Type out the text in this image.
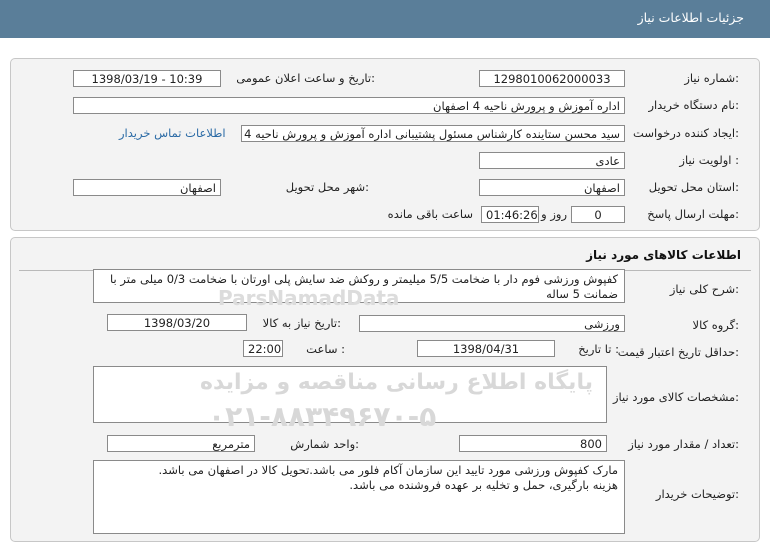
جزئیات اطلاعات نیاز
شماره نیاز:
1298010062000033
تاریخ و ساعت اعلان عمومی:
1398/03/19 - 10:39
نام دستگاه خریدار:
اداره آموزش و پرورش ناحیه 4 اصفهان
ایجاد کننده درخواست:
سید محسن ستاینده کارشناس مسئول پشتیبانی اداره آموزش و پرورش ناحیه 4
اطلاعات تماس خریدار
اولویت نیاز :
عادی
استان محل تحویل:
اصفهان
شهر محل تحویل:
اصفهان
مهلت ارسال پاسخ:
0
روز و
01:46:26
ساعت باقی مانده
اطلاعات کالاهای مورد نیاز
شرح کلی نیاز:
کفپوش ورزشی فوم دار با ضخامت 5/5 میلیمتر و روکش ضد سایش پلی اورتان با ضخامت 0/3 میلی متر با ضمانت 5 ساله
گروه کالا:
ورزشی
تاریخ نیاز به کالا:
1398/03/20
حداقل تاریخ اعتبار قیمت:
تا تاریخ :
1398/04/31
ساعت :
22:00
مشخصات کالای مورد نیاز:
تعداد / مقدار مورد نیاز:
800
واحد شمارش:
مترمربع
توضیحات خریدار:
مارک کفپوش ورزشی مورد تایید این سازمان آکام فلور می باشد.تحویل کالا در اصفهان می باشد.
هزینه بارگیری، حمل و تخلیه بر عهده فروشنده می باشد.
ParsNamadData
پایگاه اطلاع رسانی مناقصه و مزایده
۰۲۱-۸۸۳۴۹۶۷۰-۵
